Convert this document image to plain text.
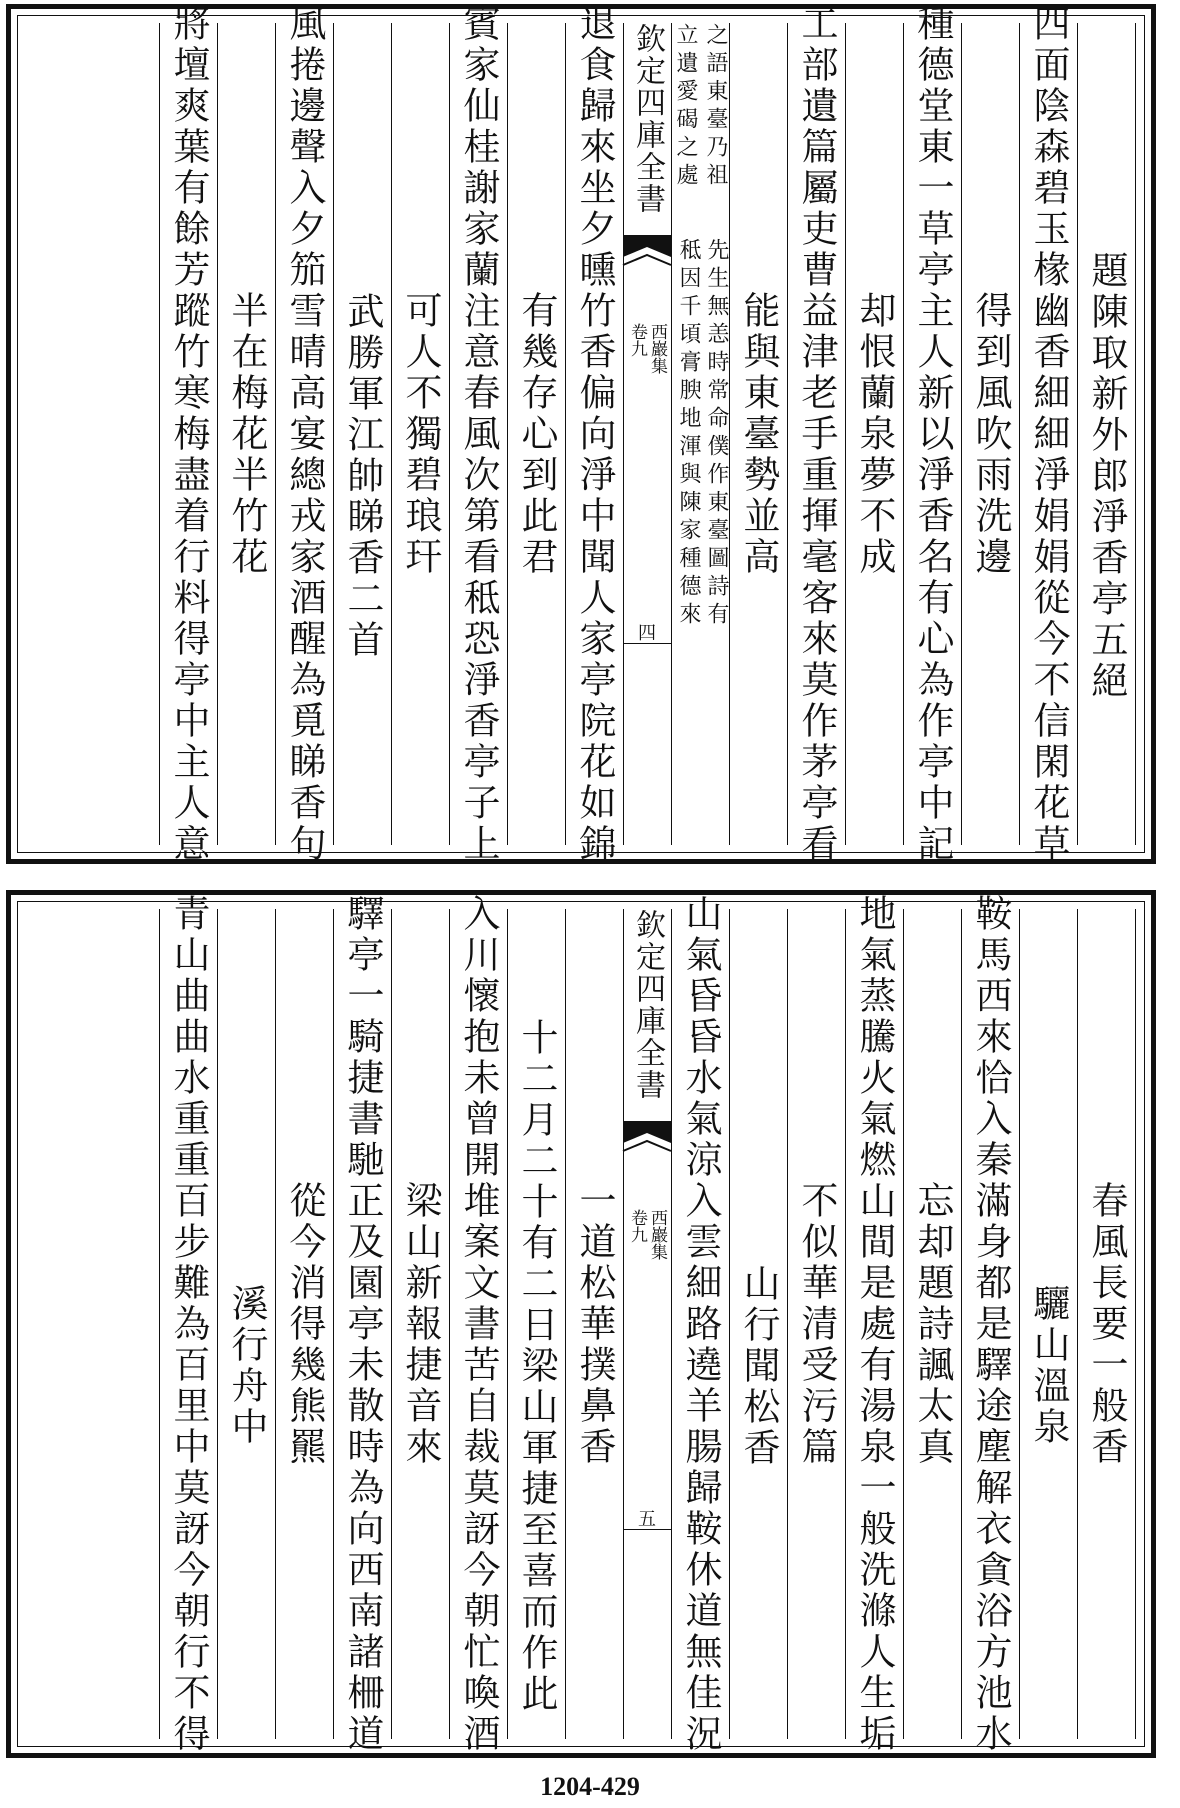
題陳取新外郎淨香亭五絕
四面陰森碧玉椽幽香細細淨娟娟從今不信閑花草
得到風吹雨洗邊
種德堂東一草亭主人新以淨香名有心為作亭中記
却恨蘭泉夢不成
工部遺篇屬吏曹益津老手重揮毫客來莫作茅亭看
能與東臺勢並高
先生無恙時常命僕作東臺圖詩有
秪因千頃膏腴地渾與陳家種德來
之語東臺乃祖
立遺愛碣之處
欽定四庫全書
西巖集
卷九
四
退食歸來坐夕曛竹香偏向淨中聞人家亭院花如錦
有幾存心到此君
賓家仙桂謝家蘭注意春風次第看秪恐淨香亭子上
可人不獨碧琅玕
武勝軍江帥睇香二首
風捲邊聲入夕笳雪晴高宴總戎家酒醒為覓睇香句
半在梅花半竹花
將壇爽葉有餘芳蹤竹寒梅盡着行料得亭中主人意
春風長要一般香
驪山溫泉
鞍馬西來恰入秦滿身都是驛途塵解衣貪浴方池水
忘却題詩諷太真
地氣蒸騰火氣燃山間是處有湯泉一般洗滌人生垢
不似華清受污篇
山行聞松香
山氣昏昏水氣涼入雲細路遶羊腸歸鞍休道無佳況
欽定四庫全書
西巖集
卷九
五
一道松華撲鼻香
十二月二十有二日梁山軍捷至喜而作此
入川懷抱未曾開堆案文書苦自裁莫訝今朝忙喚酒
梁山新報捷音來
驛亭一騎捷書馳正及園亭未散時為向西南諸柵道
從今消得幾熊羆
溪行舟中
青山曲曲水重重百步難為百里中莫訝今朝行不得
1204-429
